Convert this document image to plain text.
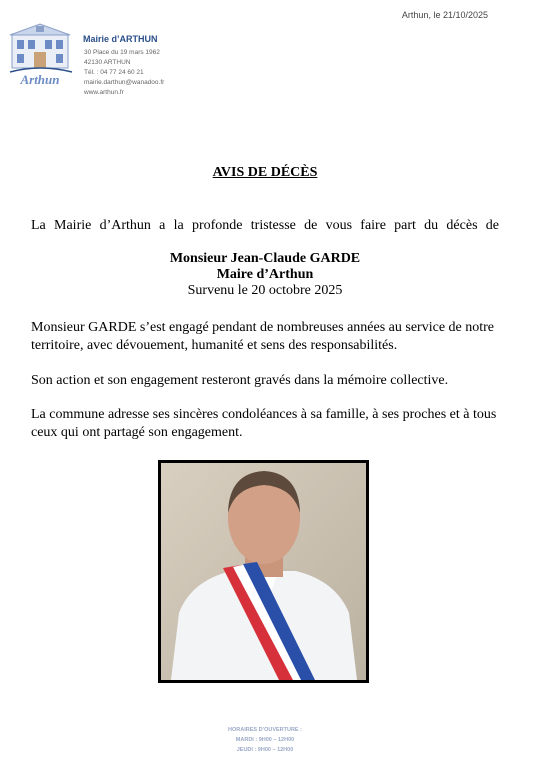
Arthun, le 21/10/2025
Arthun
Mairie d’ARTHUN
30 Place du 19 mars 1962
42130 ARTHUN
Tél. : 04 77 24 60 21
mairie.darthun@wanadoo.fr
www.arthun.fr
AVIS DE DÉCÈS
La Mairie d’Arthun a la profonde tristesse de vous faire part du décès de
Monsieur Jean-Claude GARDE
Maire d’Arthun
Survenu le 20 octobre 2025
Monsieur GARDE s’est engagé pendant de nombreuses années au service de notre territoire, avec dévouement, humanité et sens des responsabilités.
Son action et son engagement resteront gravés dans la mémoire collective.
La commune adresse ses sincères condoléances à sa famille, à ses proches et à tous ceux qui ont partagé son engagement.
HORAIRES D’OUVERTURE :
MARDI : 9H00 – 12H00
JEUDI : 9H00 – 12H00
